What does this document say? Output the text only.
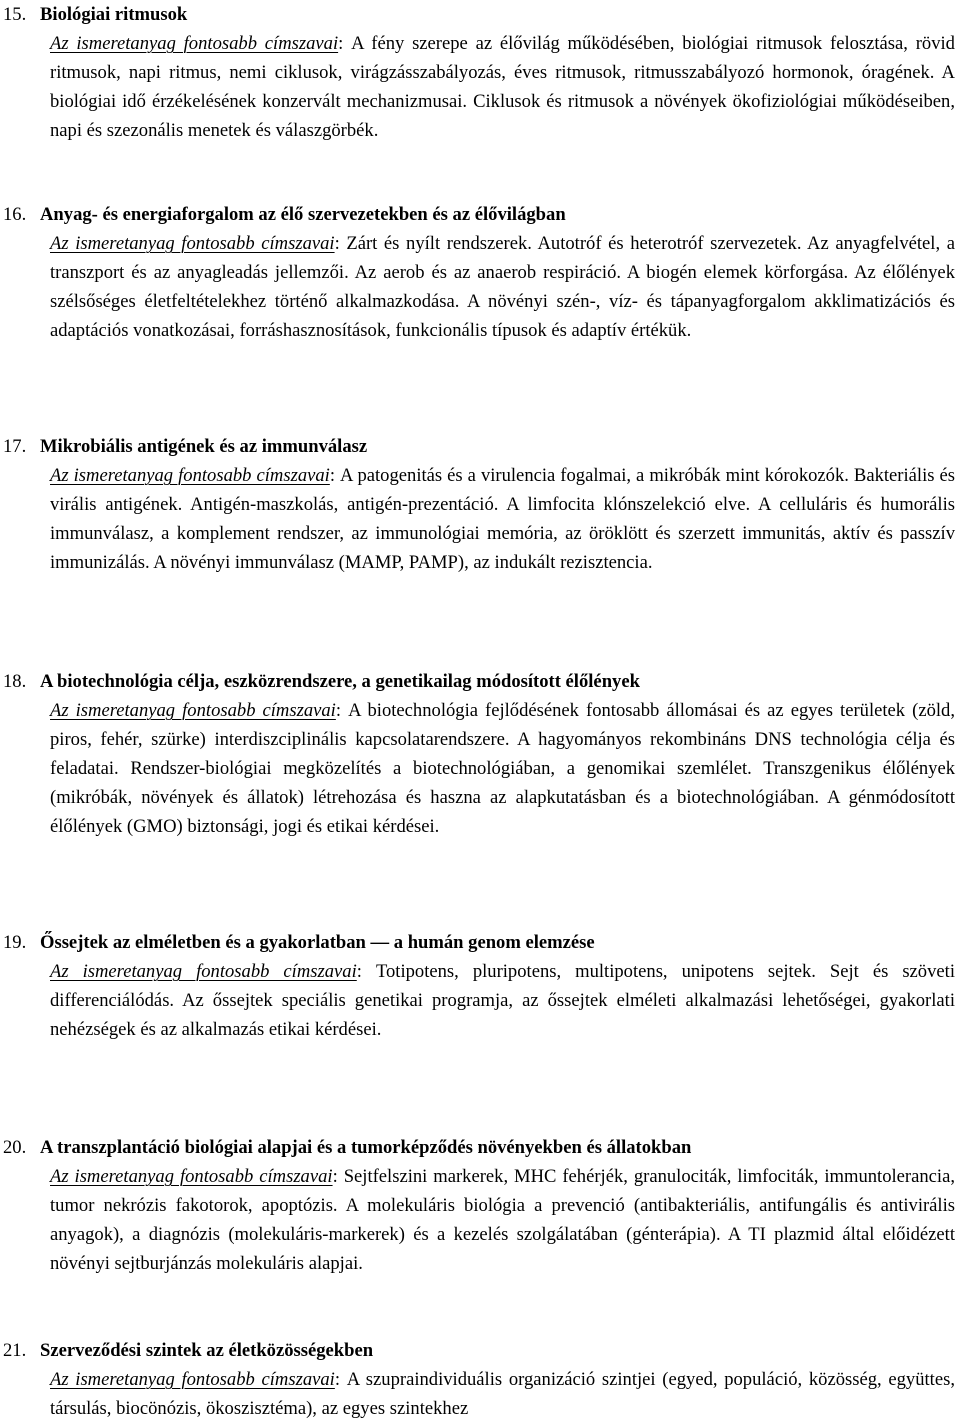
15. Biológiai ritmusok
Az ismeretanyag fontosabb címszavai: A fény szerepe az élővilág működésében, biológiai ritmusok felosztása, rövid ritmusok, napi ritmus, nemi ciklusok, virágzásszabályozás, éves ritmusok, ritmusszabályozó hormonok, óragének. A biológiai idő érzékelésének konzervált mechanizmusai. Ciklusok és ritmusok a növények ökofiziológiai működéseiben, napi és szezonális menetek és válaszgörbék.
16. Anyag- és energiaforgalom az élő szervezetekben és az élővilágban
Az ismeretanyag fontosabb címszavai: Zárt és nyílt rendszerek. Autotróf és heterotróf szervezetek. Az anyagfelvétel, a transzport és az anyagleadás jellemzői. Az aerob és az anaerob respiráció. A biogén elemek körforgása. Az élőlények szélsőséges életfeltételekhez történő alkalmazkodása. A növényi szén-, víz- és tápanyagforgalom akklimatizációs és adaptációs vonatkozásai, forráshasznosítások, funkcionális típusok és adaptív értékük.
17. Mikrobiális antigének és az immunválasz
Az ismeretanyag fontosabb címszavai: A patogenitás és a virulencia fogalmai, a mikróbák mint kórokozók. Bakteriális és virális antigének. Antigén-maszkolás, antigén-prezentáció. A limfocita klónszelekció elve. A celluláris és humorális immunválasz, a komplement rendszer, az immunológiai memória, az öröklött és szerzett immunitás, aktív és passzív immunizálás. A növényi immunválasz (MAMP, PAMP), az indukált rezisztencia.
18. A biotechnológia célja, eszközrendszere, a genetikailag módosított élőlények
Az ismeretanyag fontosabb címszavai: A biotechnológia fejlődésének fontosabb állomásai és az egyes területek (zöld, piros, fehér, szürke) interdiszciplinális kapcsolatarendszere. A hagyományos rekombináns DNS technológia célja és feladatai. Rendszer-biológiai megközelítés a biotechnológiában, a genomikai szemlélet. Transzgenikus élőlények (mikróbák, növények és állatok) létrehozása és haszna az alapkutatásban és a biotechnológiában. A génmódosított élőlények (GMO) biztonsági, jogi és etikai kérdései.
19. Őssejtek az elméletben és a gyakorlatban — a humán genom elemzése
Az ismeretanyag fontosabb címszavai: Totipotens, pluripotens, multipotens, unipotens sejtek. Sejt és szöveti differenciálódás. Az őssejtek speciális genetikai programja, az őssejtek elméleti alkalmazási lehetőségei, gyakorlati nehézségek és az alkalmazás etikai kérdései.
20. A transzplantáció biológiai alapjai és a tumorképződés növényekben és állatokban
Az ismeretanyag fontosabb címszavai: Sejtfelszini markerek, MHC fehérjék, granulociták, limfociták, immuntolerancia, tumor nekrózis fakotorok, apoptózis. A molekuláris biológia a prevenció (antibakteriális, antifungális és antivirális anyagok), a diagnózis (molekuláris-markerek) és a kezelés szolgálatában (génterápia). A TI plazmid által előidézett növényi sejtburjánzás molekuláris alapjai.
21. Szerveződési szintek az életközösségekben
Az ismeretanyag fontosabb címszavai: A szupraindividuális organizáció szintjei (egyed, populáció, közösség, együttes, társulás, biocönózis, ökoszisztéma), az egyes szintekhez
